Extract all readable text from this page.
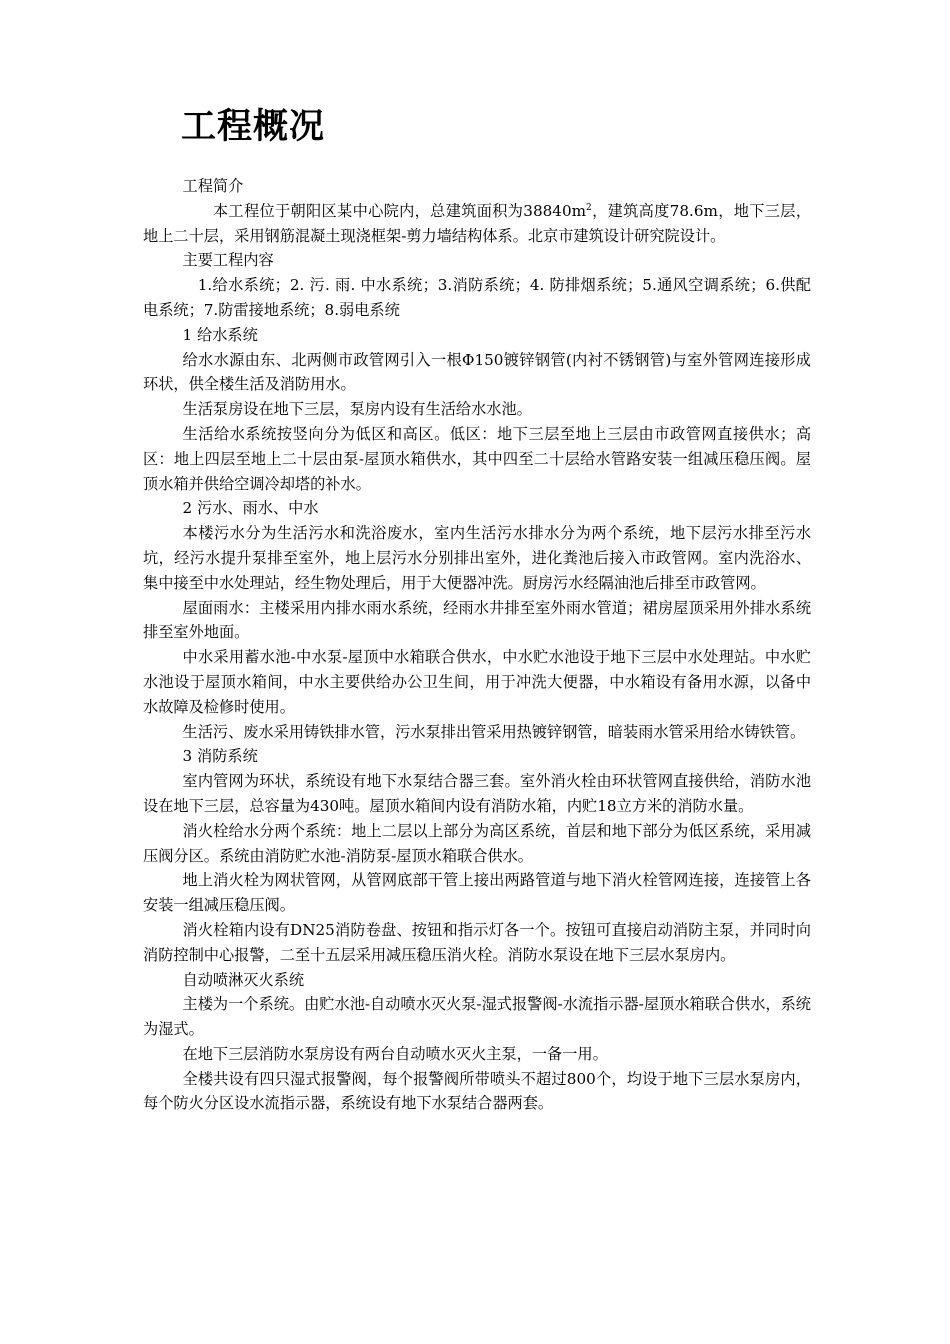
工程概况

工程简介

本工程位于朝阳区某中心院内，总建筑面积为$38840m^2$，建筑高度78.6m，地下三层，地上二十层，采用钢筋混凝土现浇框架-剪力墙结构体系。北京市建筑设计研究院设计。

主要工程内容

1.给水系统；2. 污. 雨. 中水系统；3.消防系统；4. 防排烟系统；5.通风空调系统；6.供配电系统；7.防雷接地系统；8.弱电系统

1 给水系统

给水水源由东、北两侧市政管网引入一根Φ150镀锌钢管(内衬不锈钢管)与室外管网连接形成环状，供全楼生活及消防用水。

生活泵房设在地下三层，泵房内设有生活给水水池。

生活给水系统按竖向分为低区和高区。低区：地下三层至地上三层由市政管网直接供水；高区：地上四层至地上二十层由泵-屋顶水箱供水，其中四至二十层给水管路安装一组减压稳压阀。屋顶水箱并供给空调冷却塔的补水。

2 污水、雨水、中水

本楼污水分为生活污水和洗浴废水，室内生活污水排水分为两个系统，地下层污水排至污水坑，经污水提升泵排至室外，地上层污水分别排出室外，进化粪池后接入市政管网。室内洗浴水、集中接至中水处理站，经生物处理后，用于大便器冲洗。厨房污水经隔油池后排至市政管网。

屋面雨水：主楼采用内排水雨水系统，经雨水井排至室外雨水管道；裙房屋顶采用外排水系统排至室外地面。

中水采用蓄水池-中水泵-屋顶中水箱联合供水，中水贮水池设于地下三层中水处理站。中水贮水池设于屋顶水箱间，中水主要供给办公卫生间，用于冲洗大便器，中水箱设有备用水源，以备中水故障及检修时使用。

生活污、废水采用铸铁排水管，污水泵排出管采用热镀锌钢管，暗装雨水管采用给水铸铁管。

3 消防系统

室内管网为环状，系统设有地下水泵结合器三套。室外消火栓由环状管网直接供给，消防水池设在地下三层，总容量为430吨。屋顶水箱间内设有消防水箱，内贮18立方米的消防水量。

消火栓给水分两个系统：地上二层以上部分为高区系统，首层和地下部分为低区系统，采用减压阀分区。系统由消防贮水池-消防泵-屋顶水箱联合供水。

地上消火栓为网状管网，从管网底部干管上接出两路管道与地下消火栓管网连接，连接管上各安装一组减压稳压阀。

消火栓箱内设有DN25消防卷盘、按钮和指示灯各一个。按钮可直接启动消防主泵，并同时向消防控制中心报警，二至十五层采用减压稳压消火栓。消防水泵设在地下三层水泵房内。

自动喷淋灭火系统

主楼为一个系统。由贮水池-自动喷水灭火泵-湿式报警阀-水流指示器-屋顶水箱联合供水，系统为湿式。

在地下三层消防水泵房设有两台自动喷水灭火主泵，一备一用。

全楼共设有四只湿式报警阀，每个报警阀所带喷头不超过800个，均设于地下三层水泵房内，每个防火分区设水流指示器，系统设有地下水泵结合器两套。
